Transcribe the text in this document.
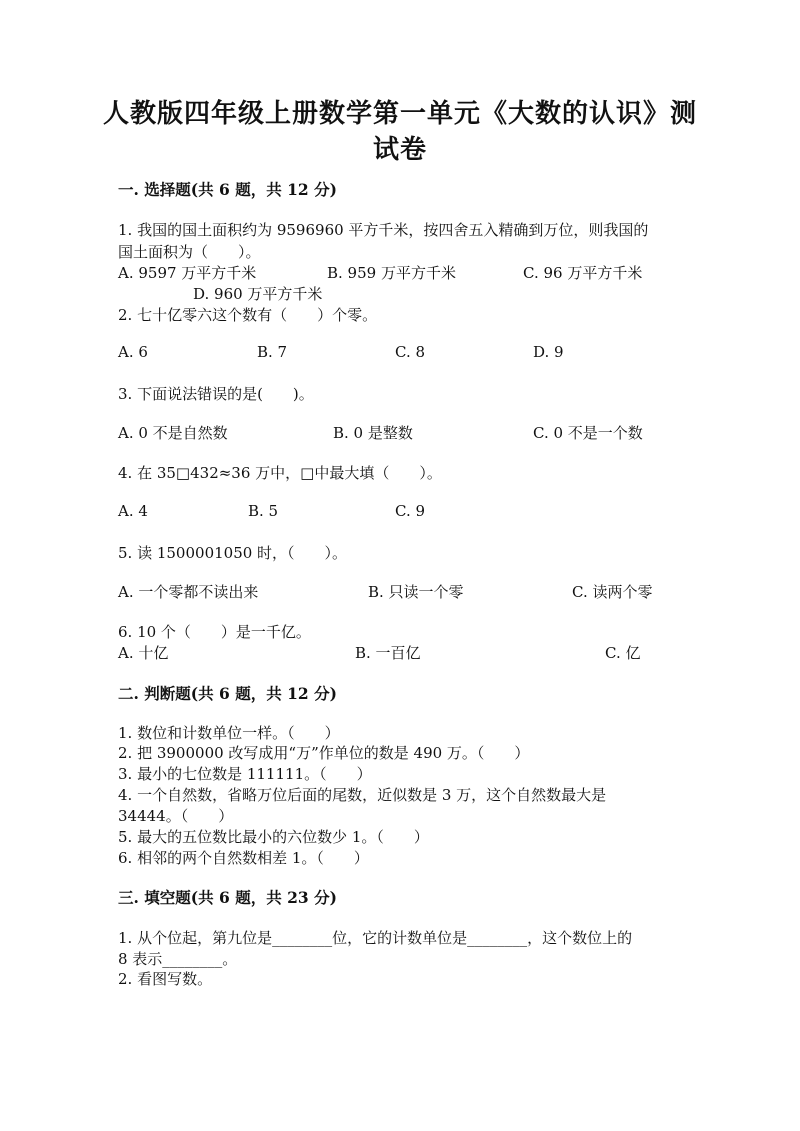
人教版四年级上册数学第一单元《大数的认识》测
试卷
一. 选择题(共 6 题，共 12 分)
1. 我国的国土面积约为 9596960 平方千米，按四舍五入精确到万位，则我国的
国土面积为（　　）。
A. 9597 万平方千米	B. 959 万平方千米	C. 96 万平方千米
D. 960 万平方千米
2. 七十亿零六这个数有（　　）个零。
A. 6	B. 7	C. 8	D. 9
3. 下面说法错误的是(　　)。
A. 0 不是自然数	B. 0 是整数	C. 0 不是一个数
4. 在 35□432≈36 万中，□中最大填（　　）。
A. 4	B. 5	C. 9
5. 读 1500001050 时，（　　）。
A. 一个零都不读出来	B. 只读一个零	C. 读两个零
6. 10 个（　　）是一千亿。
A. 十亿	B. 一百亿	C. 亿
二. 判断题(共 6 题，共 12 分)
1. 数位和计数单位一样。（　　）
2. 把 3900000 改写成用“万”作单位的数是 490 万。（　　）
3. 最小的七位数是 111111。（　　）
4. 一个自然数，省略万位后面的尾数，近似数是 3 万，这个自然数最大是
34444。（　　）
5. 最大的五位数比最小的六位数少 1。（　　）
6. 相邻的两个自然数相差 1。（　　）
三. 填空题(共 6 题，共 23 分)
1. 从个位起，第九位是________位，它的计数单位是________，这个数位上的
8 表示________。
2. 看图写数。
